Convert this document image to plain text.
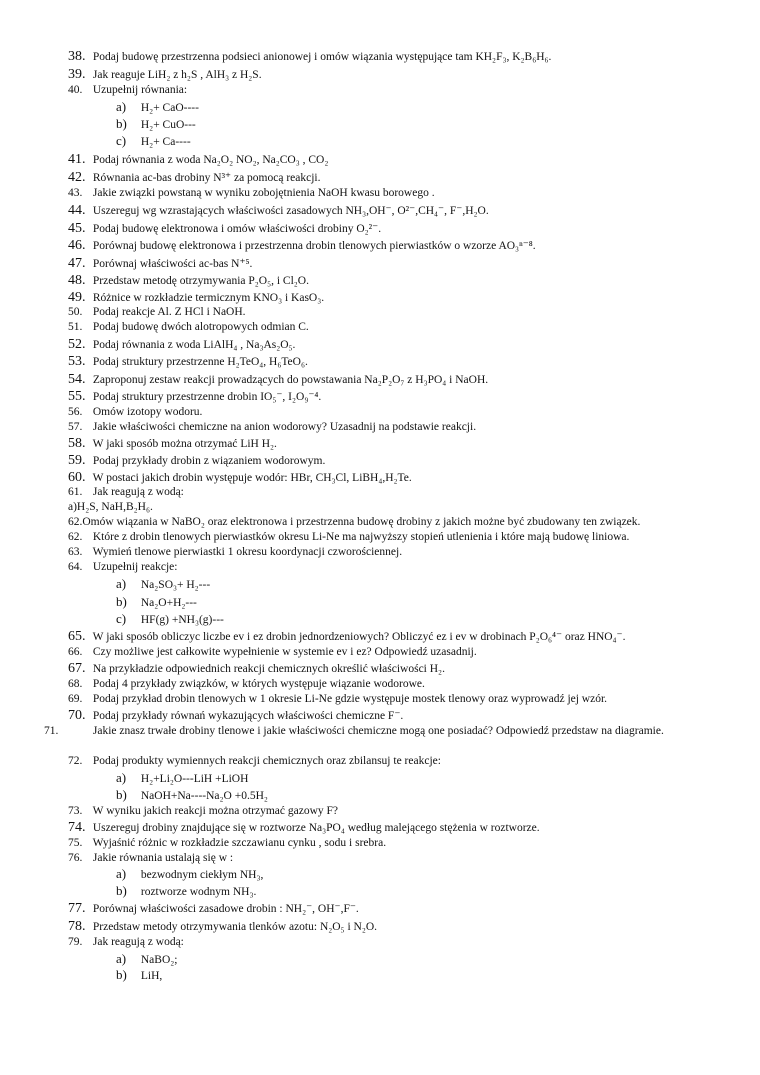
38. Podaj budowę przestrzenna podsieci anionowej i omów wiązania występujące tam KH₂F₃, K₂B₆H₆.
39. Jak reaguje LiH₂ z h₂S , AlH₃ z H₂S.
40. Uzupełnij równania:
a) H₂+ CaO----
b) H₂+ CuO---
c) H₂+ Ca----
41. Podaj równania z woda Na₂O₂ NO₂, Na₂CO₃ , CO₂
42. Równania ac-bas drobiny N³⁺ za pomocą reakcji.
43. Jakie związki powstaną w wyniku zobojętnienia NaOH kwasu borowego .
44. Uszereguj wg wzrastających właściwości zasadowych NH₃,OH⁻, O²⁻,CH₄⁻, F⁻,H₂O.
45. Podaj budowę elektronowa i omów właściwości drobiny O₂²⁻.
46. Porównaj budowę elektronowa i przestrzenna drobin tlenowych pierwiastków o wzorze AO₃ⁿ⁻⁸.
47. Porównaj właściwości ac-bas N⁺⁵.
48. Przedstaw metodę otrzymywania P₂O₅, i Cl₂O.
49. Różnice w rozkładzie termicznym KNO₃ i KasO₃.
50. Podaj reakcje Al. Z HCl i NaOH.
51. Podaj budowę dwóch alotropowych odmian C.
52. Podaj równania z woda LiAlH₄ , Na₃As₂O₅.
53. Podaj struktury przestrzenne H₂TeO₄, H₆TeO₆.
54. Zaproponuj zestaw reakcji prowadzących do powstawania Na₂P₂O₇ z H₃PO₄ i NaOH.
55. Podaj struktury przestrzenne drobin IO₅⁻, I₂O₉⁻⁴.
56. Omów izotopy wodoru.
57. Jakie właściwości chemiczne na anion wodorowy? Uzasadnij na podstawie reakcji.
58. W jaki sposób można otrzymać LiH H₂.
59. Podaj przykłady drobin z wiązaniem wodorowym.
60. W postaci jakich drobin występuje wodór: HBr, CH₃Cl, LiBH₄,H₂Te.
61. Jak reagują z wodą:
a)H₂S, NaH,B₂H₆.
62.Omów wiązania w NaBO₂ oraz elektronowa i przestrzenna budowę drobiny z jakich możne być zbudowany ten związek.
62. Które z drobin tlenowych pierwiastków okresu Li-Ne ma najwyższy stopień utlenienia i które mają budowę liniowa.
63. Wymień tlenowe pierwiastki 1 okresu koordynacji czworościennej.
64. Uzupełnij reakcje:
a) Na₂SO₃+ H₂---
b) Na₂O+H₂---
c) HF(g) +NH₃(g)---
65. W jaki sposób obliczyc liczbe ev i ez drobin jednordzeniowych? Obliczyć ez i ev w drobinach P₂O₆⁴⁻ oraz HNO₄⁻.
66. Czy możliwe jest całkowite wypełnienie w systemie ev i ez? Odpowiedź uzasadnij.
67. Na przykładzie odpowiednich reakcji chemicznych określić właściwości H₂.
68. Podaj 4 przykłady związków, w których występuje wiązanie wodorowe.
69. Podaj przykład drobin tlenowych w 1 okresie Li-Ne gdzie występuje mostek tlenowy oraz wyprowadź jej wzór.
70. Podaj przykłady równań wykazujących właściwości chemiczne F⁻.
71.	Jakie znasz trwałe drobiny tlenowe i jakie właściwości chemiczne mogą one posiadać? Odpowiedź przedstaw na diagramie.
72. Podaj produkty wymiennych reakcji chemicznych oraz zbilansuj te reakcje:
a) H₂+Li₂O---LiH +LiOH
b) NaOH+Na----Na₂O +0.5H₂
73. W wyniku jakich reakcji można otrzymać gazowy F?
74. Uszereguj drobiny znajdujące się w roztworze Na₃PO₄ według malejącego stężenia w roztworze.
75. Wyjaśnić różnic w rozkładzie szczawianu cynku , sodu i srebra.
76. Jakie równania ustalają się w :
a) bezwodnym ciekłym NH₃,
b) roztworze wodnym NH₃.
77. Porównaj właściwości zasadowe drobin : NH₂⁻, OH⁻,F⁻.
78. Przedstaw metody otrzymywania tlenków azotu: N₂O₅ i N₂O.
79. Jak reagują z wodą:
a) NaBO₂;
b) LiH,
